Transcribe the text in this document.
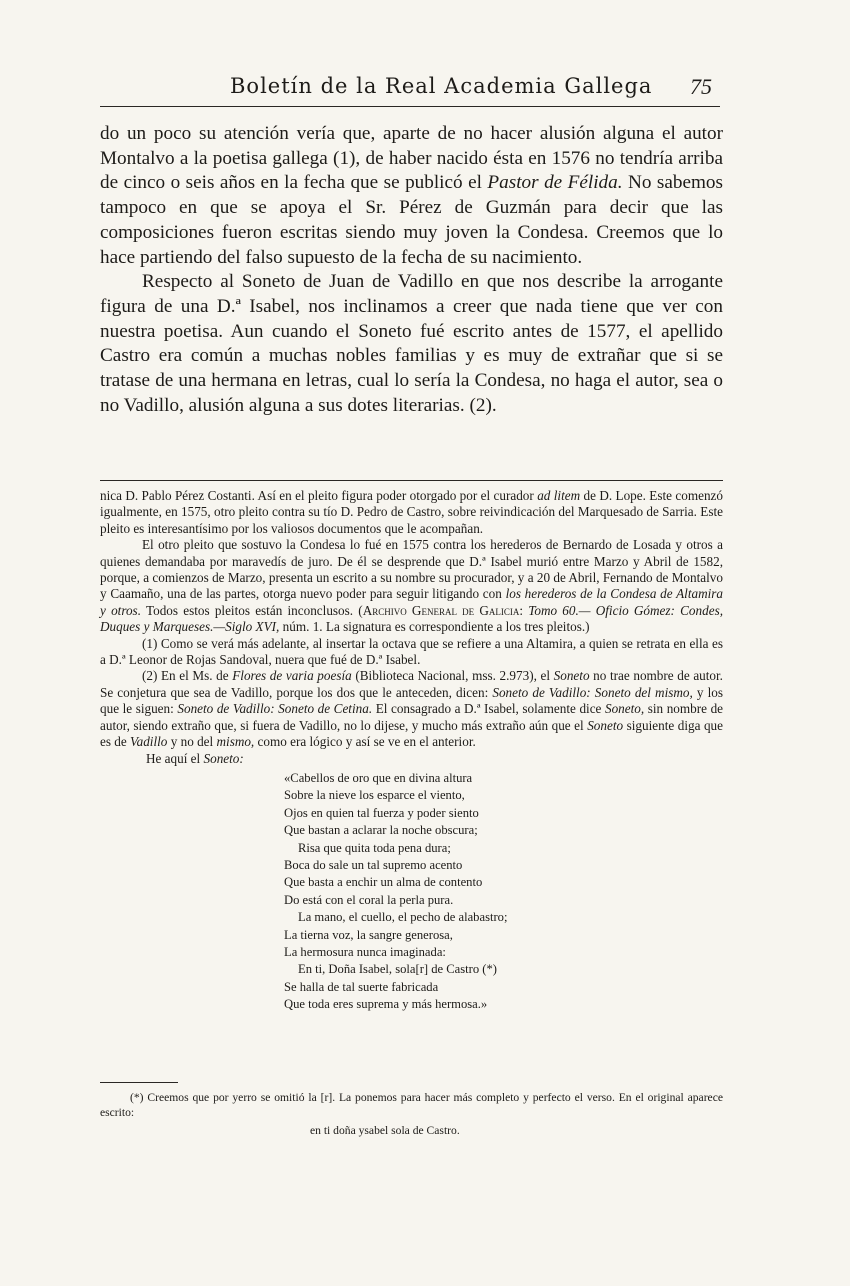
Boletín de la Real Academia Gallega 75

do un poco su atención vería que, aparte de no hacer alusión alguna el autor Montalvo a la poetisa gallega (1), de haber nacido ésta en 1576 no tendría arriba de cinco o seis años en la fecha que se publicó el Pastor de Félida. No sabemos tampoco en que se apoya el Sr. Pérez de Guzmán para decir que las composiciones fueron escritas siendo muy joven la Condesa. Creemos que lo hace partiendo del falso supuesto de la fecha de su nacimiento.

Respecto al Soneto de Juan de Vadillo en que nos describe la arrogante figura de una D.ª Isabel, nos inclinamos a creer que nada tiene que ver con nuestra poetisa. Aun cuando el Soneto fué escrito antes de 1577, el apellido Castro era común a muchas nobles familias y es muy de extrañar que si se tratase de una hermana en letras, cual lo sería la Condesa, no haga el autor, sea o no Vadillo, alusión alguna a sus dotes literarias. (2).

nica D. Pablo Pérez Costanti. Así en el pleito figura poder otorgado por el curador ad litem de D. Lope. Este comenzó igualmente, en 1575, otro pleito contra su tío D. Pedro de Castro, sobre reivindicación del Marquesado de Sarria. Este pleito es interesantísimo por los valiosos documentos que le acompañan.

El otro pleito que sostuvo la Condesa lo fué en 1575 contra los herederos de Bernardo de Losada y otros a quienes demandaba por maravedís de juro. De él se desprende que D.ª Isabel murió entre Marzo y Abril de 1582, porque, a comienzos de Marzo, presenta un escrito a su nombre su procurador, y a 20 de Abril, Fernando de Montalvo y Caamaño, una de las partes, otorga nuevo poder para seguir litigando con los herederos de la Condesa de Altamira y otros. Todos estos pleitos están inconclusos. (Archivo General de Galicia: Tomo 60.— Oficio Gómez: Condes, Duques y Marqueses.—Siglo XVI, núm. 1. La signatura es correspondiente a los tres pleitos.)

(1) Como se verá más adelante, al insertar la octava que se refiere a una Altamira, a quien se retrata en ella es a D.ª Leonor de Rojas Sandoval, nuera que fué de D.ª Isabel.

(2) En el Ms. de Flores de varia poesía (Biblioteca Nacional, mss. 2.973), el Soneto no trae nombre de autor. Se conjetura que sea de Vadillo, porque los dos que le anteceden, dicen: Soneto de Vadillo: Soneto del mismo, y los que le siguen: Soneto de Vadillo: Soneto de Cetina. El consagrado a D.ª Isabel, solamente dice Soneto, sin nombre de autor, siendo extraño que, si fuera de Vadillo, no lo dijese, y mucho más extraño aún que el Soneto siguiente diga que es de Vadillo y no del mismo, como era lógico y así se ve en el anterior.

He aquí el Soneto:

«Cabellos de oro que en divina altura
Sobre la nieve los esparce el viento,
Ojos en quien tal fuerza y poder siento
Que bastan a aclarar la noche obscura;
Risa que quita toda pena dura;
Boca do sale un tal supremo acento
Que basta a enchir un alma de contento
Do está con el coral la perla pura.
La mano, el cuello, el pecho de alabastro;
La tierna voz, la sangre generosa,
La hermosura nunca imaginada:
En ti, Doña Isabel, sola[r] de Castro (*)
Se halla de tal suerte fabricada
Que toda eres suprema y más hermosa.»

(*) Creemos que por yerro se omitió la [r]. La ponemos para hacer más completo y perfecto el verso. En el original aparece escrito:

en ti doña ysabel sola de Castro.
